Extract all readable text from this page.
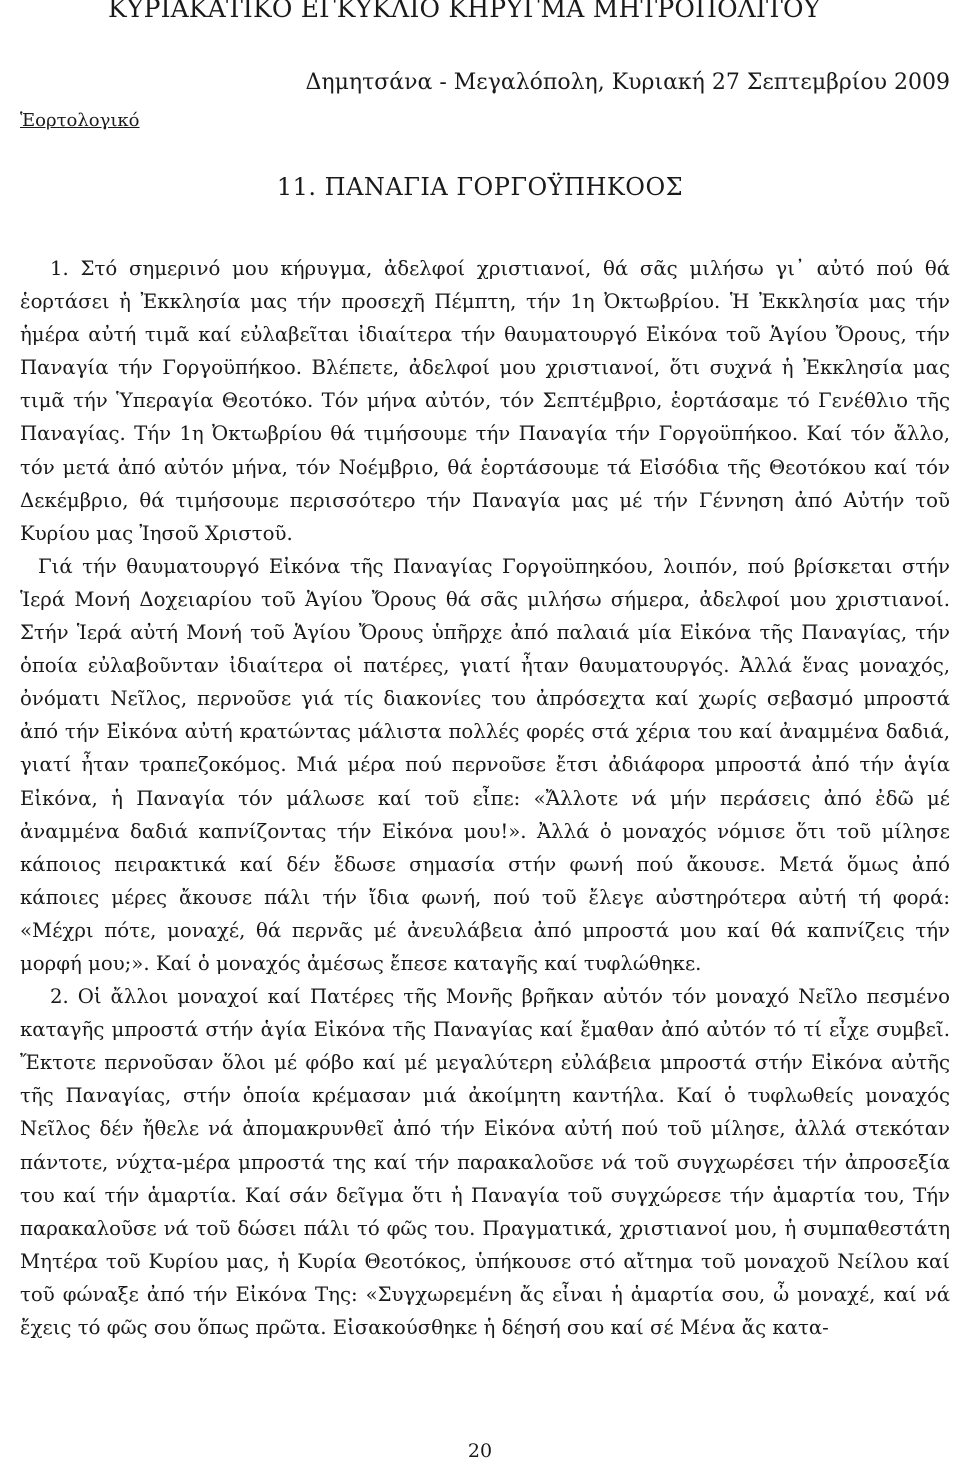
ΚΥΡΙΑΚΑΤΙΚΟ ΕΓΚΥΚΛΙΟ ΚΗΡΥΓΜΑ ΜΗΤΡΟΠΟΛΙΤΟΥ
Δημητσάνα - Μεγαλόπολη, Κυριακή 27 Σεπτεμβρίου 2009
Ἑορτολογικό
11. ΠΑΝΑΓΙΑ ΓΟΡΓΟΫΠΗΚΟΟΣ

1. Στό σημερινό μου κήρυγμα, ἀδελφοί χριστιανοί, θά σᾶς μιλήσω γι᾽ αὐτό πού θά ἑορτάσει ἡ Ἐκκλησία μας τήν προσεχῆ Πέμπτη, τήν 1η Ὀκτωβρίου. Ἡ Ἐκκλησία μας τήν ἡμέρα αὐτή τιμᾶ καί εὐλαβεῖται ἰδιαίτερα τήν θαυματουργό Εἰκόνα τοῦ Ἁγίου Ὄρους, τήν Παναγία τήν Γοργοϋπήκοο. Βλέπετε, ἀδελφοί μου χριστιανοί, ὅτι συχνά ἡ Ἐκκλησία μας τιμᾶ τήν Ὑπεραγία Θεοτόκο. Τόν μήνα αὐτόν, τόν Σεπτέμβριο, ἑορτάσαμε τό Γενέθλιο τῆς Παναγίας. Τήν 1η Ὀκτωβρίου θά τιμήσουμε τήν Παναγία τήν Γοργοϋπήκοο. Καί τόν ἄλλο, τόν μετά ἀπό αὐτόν μήνα, τόν Νοέμβριο, θά ἑορτάσουμε τά Εἰσόδια τῆς Θεοτόκου καί τόν Δεκέμβριο, θά τιμήσουμε περισσότερο τήν Παναγία μας μέ τήν Γέννηση ἀπό Αὐτήν τοῦ Κυρίου μας Ἰησοῦ Χριστοῦ.

Γιά τήν θαυματουργό Εἰκόνα τῆς Παναγίας Γοργοϋπηκόου, λοιπόν, πού βρίσκεται στήν Ἱερά Μονή Δοχειαρίου τοῦ Ἁγίου Ὄρους θά σᾶς μιλήσω σήμερα, ἀδελφοί μου χριστιανοί. Στήν Ἱερά αὐτή Μονή τοῦ Ἁγίου Ὄρους ὑπῆρχε ἀπό παλαιά μία Εἰκόνα τῆς Παναγίας, τήν ὁποία εὐλαβοῦνταν ἰδιαίτερα οἱ πατέρες, γιατί ἦταν θαυματουργός. Ἀλλά ἕνας μοναχός, ὀνόματι Νεῖλος, περνοῦσε γιά τίς διακονίες του ἀπρόσεχτα καί χωρίς σεβασμό μπροστά ἀπό τήν Εἰκόνα αὐτή κρατώντας μάλιστα πολλές φορές στά χέρια του καί ἀναμμένα δαδιά, γιατί ἦταν τραπεζοκόμος. Μιά μέρα πού περνοῦσε ἔτσι ἀδιάφορα μπροστά ἀπό τήν ἁγία Εἰκόνα, ἡ Παναγία τόν μάλωσε καί τοῦ εἶπε: «Ἄλλοτε νά μήν περάσεις ἀπό ἐδῶ μέ ἀναμμένα δαδιά καπνίζοντας τήν Εἰκόνα μου!». Ἀλλά ὁ μοναχός νόμισε ὅτι τοῦ μίλησε κάποιος πειρακτικά καί δέν ἔδωσε σημασία στήν φωνή πού ἄκουσε. Μετά ὅμως ἀπό κάποιες μέρες ἄκουσε πάλι τήν ἴδια φωνή, πού τοῦ ἔλεγε αὐστηρότερα αὐτή τή φορά: «Μέχρι πότε, μοναχέ, θά περνᾶς μέ ἀνευλάβεια ἀπό μπροστά μου καί θά καπνίζεις τήν μορφή μου;». Καί ὁ μοναχός ἀμέσως ἔπεσε καταγῆς καί τυφλώθηκε.

2. Οἱ ἄλλοι μοναχοί καί Πατέρες τῆς Μονῆς βρῆκαν αὐτόν τόν μοναχό Νεῖλο πεσμένο καταγῆς μπροστά στήν ἁγία Εἰκόνα τῆς Παναγίας καί ἔμαθαν ἀπό αὐτόν τό τί εἶχε συμβεῖ. Ἔκτοτε περνοῦσαν ὅλοι μέ φόβο καί μέ μεγαλύτερη εὐλάβεια μπροστά στήν Εἰκόνα αὐτῆς τῆς Παναγίας, στήν ὁποία κρέμασαν μιά ἀκοίμητη καντήλα. Καί ὁ τυφλωθείς μοναχός Νεῖλος δέν ἤθελε νά ἀπομακρυνθεῖ ἀπό τήν Εἰκόνα αὐτή πού τοῦ μίλησε, ἀλλά στεκόταν πάντοτε, νύχτα-μέρα μπροστά της καί τήν παρακαλοῦσε νά τοῦ συγχωρέσει τήν ἀπροσεξία του καί τήν ἁμαρτία. Καί σάν δεῖγμα ὅτι ἡ Παναγία τοῦ συγχώρεσε τήν ἁμαρτία του, Τήν παρακαλοῦσε νά τοῦ δώσει πάλι τό φῶς του. Πραγματικά, χριστιανοί μου, ἡ συμπαθεστάτη Μητέρα τοῦ Κυρίου μας, ἡ Κυρία Θεοτόκος, ὑπήκουσε στό αἴτημα τοῦ μοναχοῦ Νείλου καί τοῦ φώναξε ἀπό τήν Εἰκόνα Της: «Συγχωρεμένη ἄς εἶναι ἡ ἁμαρτία σου, ὦ μοναχέ, καί νά ἔχεις τό φῶς σου ὅπως πρῶτα. Εἰσακούσθηκε ἡ δέησή σου καί σέ Μένα ἄς κατα-

20
